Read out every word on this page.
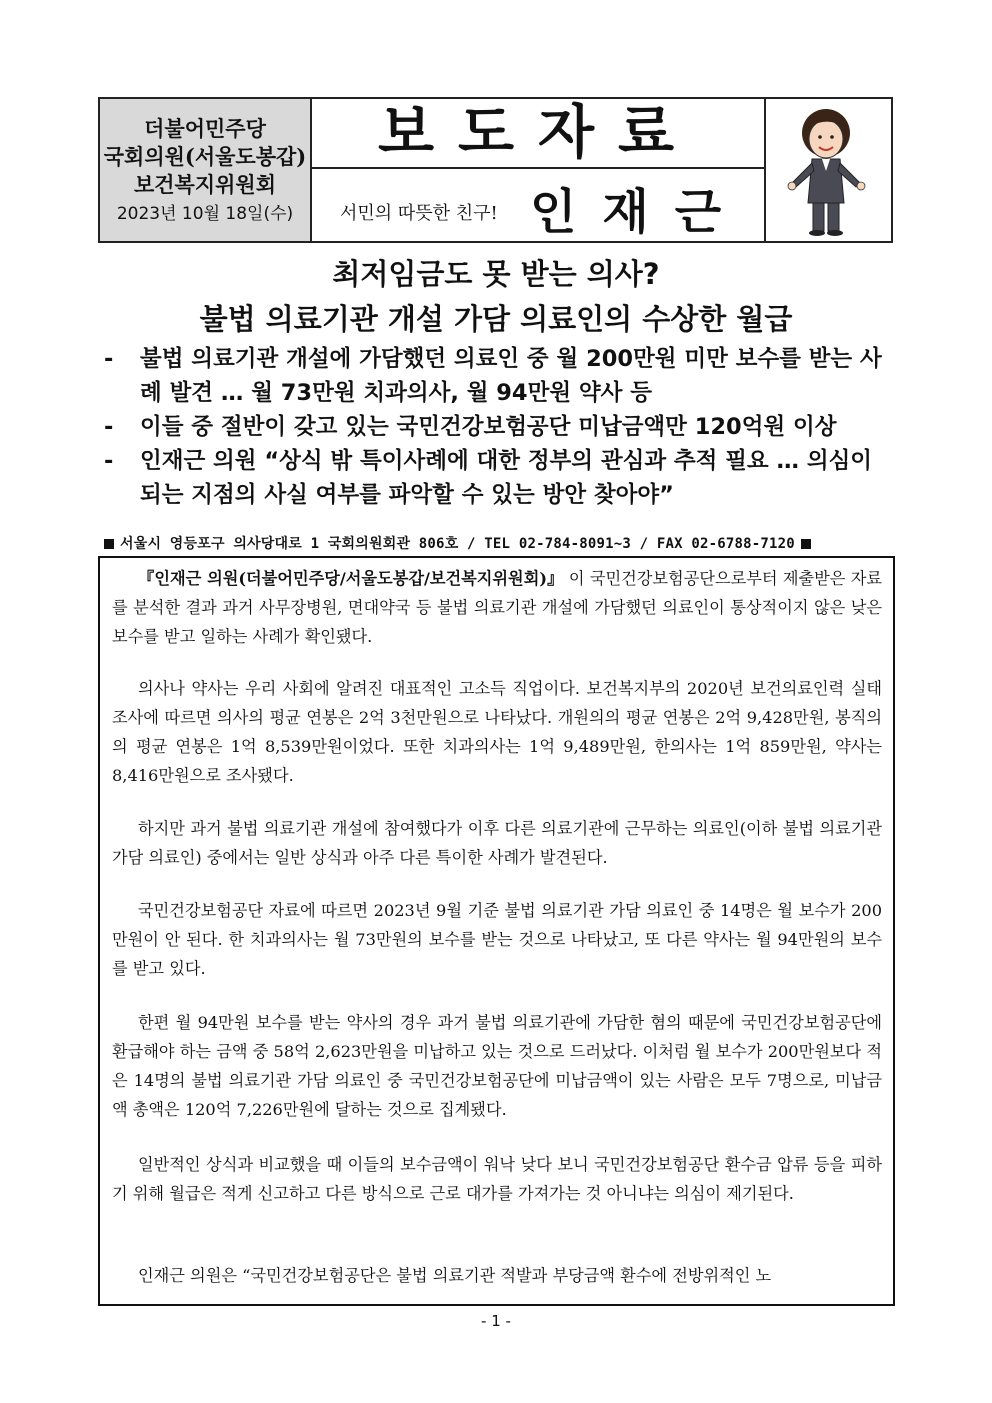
더불어민주당
국회의원(서울도봉갑)
보건복지위원회
2023년 10월 18일(수)
보도자료
서민의 따뜻한 친구! 인재근
최저임금도 못 받는 의사?
불법 의료기관 개설 가담 의료인의 수상한 월급
- 불법 의료기관 개설에 가담했던 의료인 중 월 200만원 미만 보수를 받는 사례 발견 … 월 73만원 치과의사, 월 94만원 약사 등
- 이들 중 절반이 갖고 있는 국민건강보험공단 미납금액만 120억원 이상
- 인재근 의원 “상식 밖 특이사례에 대한 정부의 관심과 추적 필요 … 의심이 되는 지점의 사실 여부를 파악할 수 있는 방안 찾아야”
서울시 영등포구 의사당대로 1 국회의원회관 806호 / TEL 02-784-8091~3 / FAX 02-6788-7120
『인재근 의원(더불어민주당/서울도봉갑/보건복지위원회)』 이 국민건강보험공단으로부터 제출받은 자료를 분석한 결과 과거 사무장병원, 면대약국 등 불법 의료기관 개설에 가담했던 의료인이 통상적이지 않은 낮은 보수를 받고 일하는 사례가 확인됐다.
의사나 약사는 우리 사회에 알려진 대표적인 고소득 직업이다. 보건복지부의 2020년 보건의료인력 실태조사에 따르면 의사의 평균 연봉은 2억 3천만원으로 나타났다. 개원의의 평균 연봉은 2억 9,428만원, 봉직의의 평균 연봉은 1억 8,539만원이었다. 또한 치과의사는 1억 9,489만원, 한의사는 1억 859만원, 약사는 8,416만원으로 조사됐다.
하지만 과거 불법 의료기관 개설에 참여했다가 이후 다른 의료기관에 근무하는 의료인(이하 불법 의료기관 가담 의료인) 중에서는 일반 상식과 아주 다른 특이한 사례가 발견된다.
국민건강보험공단 자료에 따르면 2023년 9월 기준 불법 의료기관 가담 의료인 중 14명은 월 보수가 200만원이 안 된다. 한 치과의사는 월 73만원의 보수를 받는 것으로 나타났고, 또 다른 약사는 월 94만원의 보수를 받고 있다.
한편 월 94만원 보수를 받는 약사의 경우 과거 불법 의료기관에 가담한 혐의 때문에 국민건강보험공단에 환급해야 하는 금액 중 58억 2,623만원을 미납하고 있는 것으로 드러났다. 이처럼 월 보수가 200만원보다 적은 14명의 불법 의료기관 가담 의료인 중 국민건강보험공단에 미납금액이 있는 사람은 모두 7명으로, 미납금액 총액은 120억 7,226만원에 달하는 것으로 집계됐다.
일반적인 상식과 비교했을 때 이들의 보수금액이 워낙 낮다 보니 국민건강보험공단 환수금 압류 등을 피하기 위해 월급은 적게 신고하고 다른 방식으로 근로 대가를 가져가는 것 아니냐는 의심이 제기된다.
인재근 의원은 “국민건강보험공단은 불법 의료기관 적발과 부당금액 환수에 전방위적인 노
- 1 -
